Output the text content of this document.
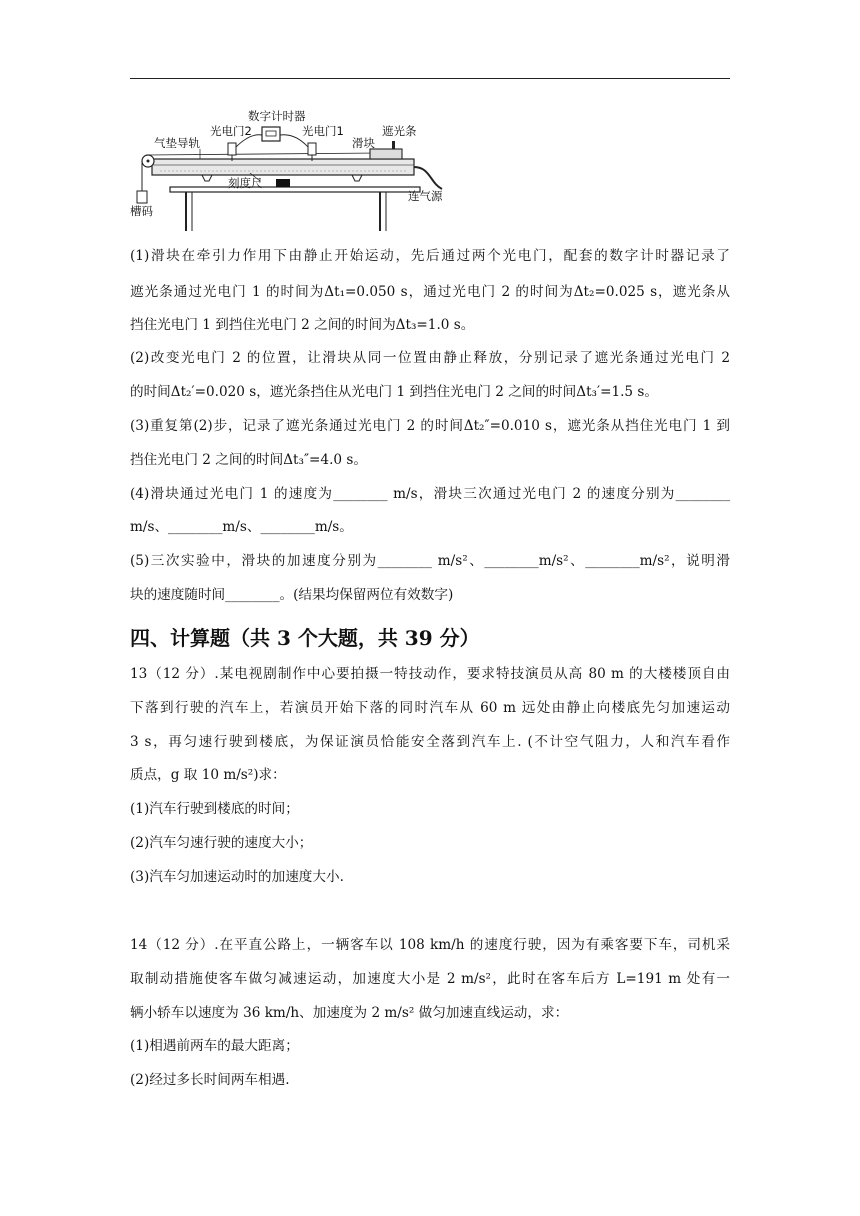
数字计时器
光电门2	光电门1
气垫导轨	滑块
遮光条
刻度尺
连气源
槽码
(1)滑块在牵引力作用下由静止开始运动，先后通过两个光电门，配套的数字计时器记录了
遮光条通过光电门 1 的时间为Δt₁=0.050 s，通过光电门 2 的时间为Δt₂=0.025 s，遮光条从
挡住光电门 1 到挡住光电门 2 之间的时间为Δt₃=1.0 s。
(2)改变光电门 2 的位置，让滑块从同一位置由静止释放，分别记录了遮光条通过光电门 2
的时间Δt₂′=0.020 s，遮光条挡住从光电门 1 到挡住光电门 2 之间的时间Δt₃′=1.5 s。
(3)重复第(2)步，记录了遮光条通过光电门 2 的时间Δt₂″=0.010 s，遮光条从挡住光电门 1 到
挡住光电门 2 之间的时间Δt₃″=4.0 s。
(4)滑块通过光电门 1 的速度为________ m/s，滑块三次通过光电门 2 的速度分别为________
m/s、________m/s、________m/s。
(5)三次实验中，滑块的加速度分别为________ m/s²、________m/s²、________m/s²，说明滑
块的速度随时间________。(结果均保留两位有效数字)
四、计算题（共 3 个大题，共 39 分）
13（12 分）.某电视剧制作中心要拍摄一特技动作，要求特技演员从高 80 m 的大楼楼顶自由
下落到行驶的汽车上，若演员开始下落的同时汽车从 60 m 远处由静止向楼底先匀加速运动
3 s，再匀速行驶到楼底，为保证演员恰能安全落到汽车上. (不计空气阻力，人和汽车看作
质点，g 取 10 m/s²)求：
(1)汽车行驶到楼底的时间；
(2)汽车匀速行驶的速度大小；
(3)汽车匀加速运动时的加速度大小.
14（12 分）.在平直公路上，一辆客车以 108 km/h 的速度行驶，因为有乘客要下车，司机采
取制动措施使客车做匀减速运动，加速度大小是 2 m/s²，此时在客车后方 L=191 m 处有一
辆小轿车以速度为 36 km/h、加速度为 2 m/s² 做匀加速直线运动，求：
(1)相遇前两车的最大距离；
(2)经过多长时间两车相遇.
